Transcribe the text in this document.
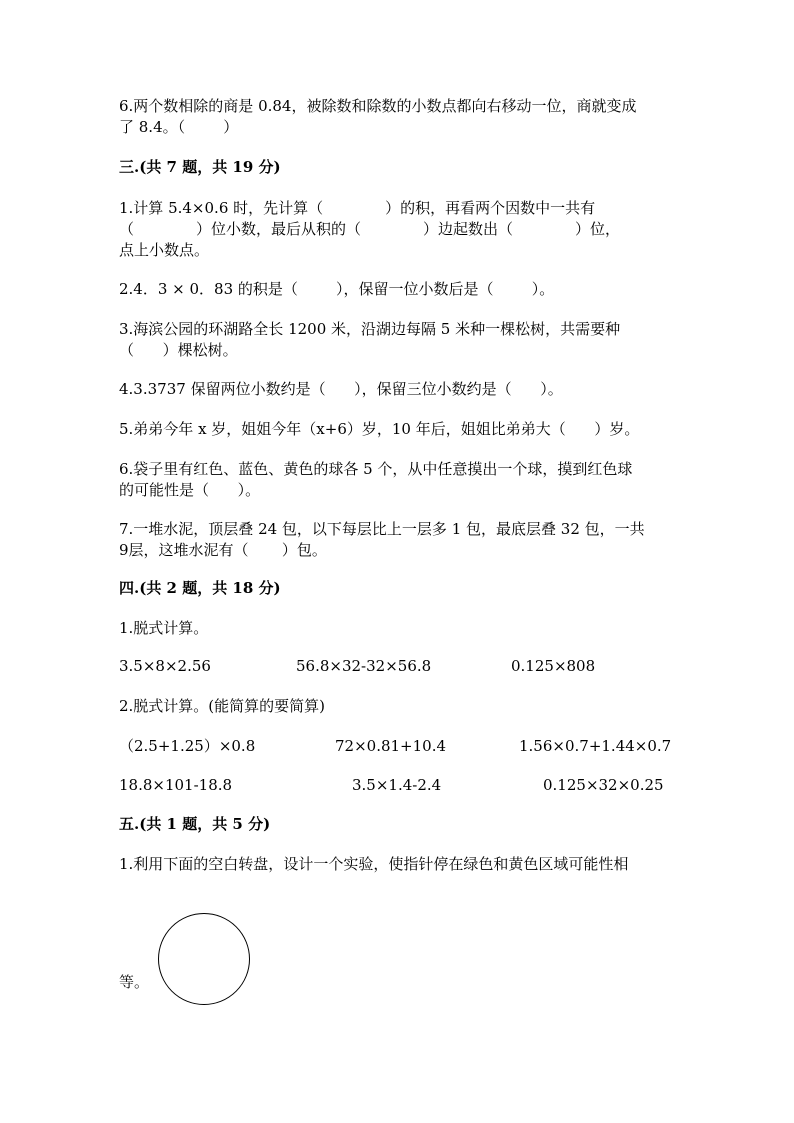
6.两个数相除的商是 0.84，被除数和除数的小数点都向右移动一位，商就变成
了 8.4。（        ）
三.(共 7 题，共 19 分)
1.计算 5.4×0.6 时，先计算（             ）的积，再看两个因数中一共有
（             ）位小数，最后从积的（             ）边起数出（             ）位，
点上小数点。
2.4．3 × 0．83 的积是（        ），保留一位小数后是（        ）。
3.海滨公园的环湖路全长 1200 米，沿湖边每隔 5 米种一棵松树，共需要种
（      ）棵松树。
4.3.3737 保留两位小数约是（      ），保留三位小数约是（      ）。
5.弟弟今年 x 岁，姐姐今年（x+6）岁，10 年后，姐姐比弟弟大（      ）岁。
6.袋子里有红色、蓝色、黄色的球各 5 个，从中任意摸出一个球，摸到红色球
的可能性是（      ）。
7.一堆水泥，顶层叠 24 包，以下每层比上一层多 1 包，最底层叠 32 包，一共
9层，这堆水泥有（       ）包。
四.(共 2 题，共 18 分)
1.脱式计算。
3.5×8×2.56	56.8×32-32×56.8	0.125×808
2.脱式计算。(能简算的要简算)
（2.5+1.25）×0.8	72×0.81+10.4	1.56×0.7+1.44×0.7
18.8×101-18.8	3.5×1.4-2.4	0.125×32×0.25
五.(共 1 题，共 5 分)
1.利用下面的空白转盘，设计一个实验，使指针停在绿色和黄色区域可能性相
等。
